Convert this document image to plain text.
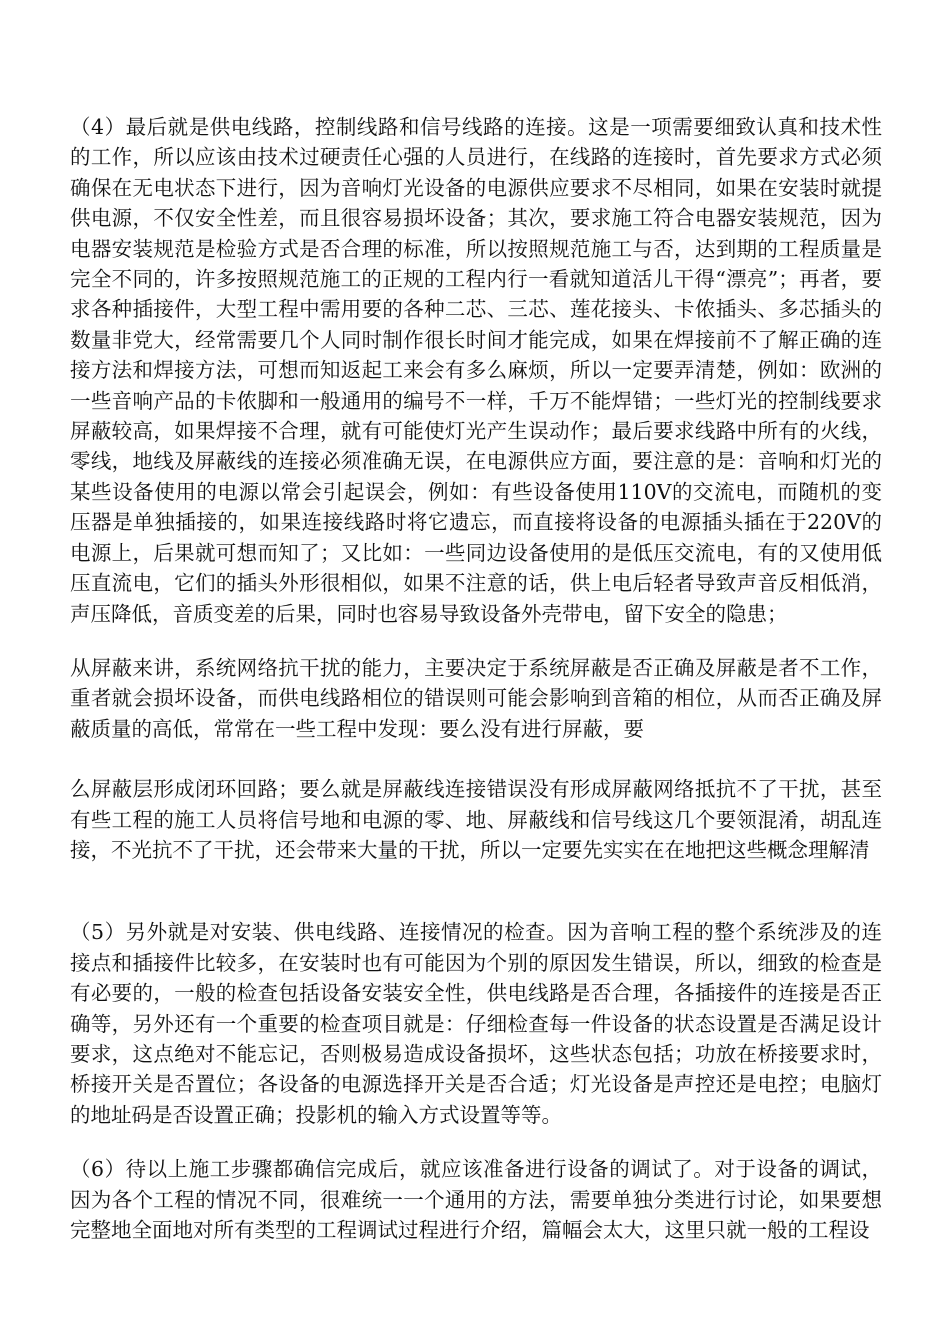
（4）最后就是供电线路，控制线路和信号线路的连接。这是一项需要细致认真和技术性的工作，所以应该由技术过硬责任心强的人员进行，在线路的连接时，首先要求方式必须确保在无电状态下进行，因为音响灯光设备的电源供应要求不尽相同，如果在安装时就提供电源，不仅安全性差，而且很容易损坏设备；其次，要求施工符合电器安装规范，因为电器安装规范是检验方式是否合理的标准，所以按照规范施工与否，达到期的工程质量是完全不同的，许多按照规范施工的正规的工程内行一看就知道活儿干得“漂亮”；再者，要求各种插接件，大型工程中需用要的各种二芯、三芯、莲花接头、卡侬插头、多芯插头的数量非党大，经常需要几个人同时制作很长时间才能完成，如果在焊接前不了解正确的连接方法和焊接方法，可想而知返起工来会有多么麻烦，所以一定要弄清楚，例如：欧洲的一些音响产品的卡侬脚和一般通用的编号不一样，千万不能焊错；一些灯光的控制线要求屏蔽较高，如果焊接不合理，就有可能使灯光产生误动作；最后要求线路中所有的火线，零线，地线及屏蔽线的连接必须准确无误，在电源供应方面，要注意的是：音响和灯光的某些设备使用的电源以常会引起误会，例如：有些设备使用110V的交流电，而随机的变压器是单独插接的，如果连接线路时将它遗忘，而直接将设备的电源插头插在于220V的电源上，后果就可想而知了；又比如：一些同边设备使用的是低压交流电，有的又使用低压直流电，它们的插头外形很相似，如果不注意的话，供上电后轻者导致声音反相低消，声压降低，音质变差的后果，同时也容易导致设备外壳带电，留下安全的隐患；

从屏蔽来讲，系统网络抗干扰的能力，主要决定于系统屏蔽是否正确及屏蔽是者不工作，重者就会损坏设备，而供电线路相位的错误则可能会影响到音箱的相位，从而否正确及屏蔽质量的高低，常常在一些工程中发现：要么没有进行屏蔽，要

么屏蔽层形成闭环回路；要么就是屏蔽线连接错误没有形成屏蔽网络抵抗不了干扰，甚至有些工程的施工人员将信号地和电源的零、地、屏蔽线和信号线这几个要领混淆，胡乱连接，不光抗不了干扰，还会带来大量的干扰，所以一定要先实实在在地把这些概念理解清

（5）另外就是对安装、供电线路、连接情况的检查。因为音响工程的整个系统涉及的连接点和插接件比较多，在安装时也有可能因为个别的原因发生错误，所以，细致的检查是有必要的，一般的检查包括设备安装安全性，供电线路是否合理，各插接件的连接是否正确等，另外还有一个重要的检查项目就是：仔细检查每一件设备的状态设置是否满足设计要求，这点绝对不能忘记，否则极易造成设备损坏，这些状态包括；功放在桥接要求时，桥接开关是否置位；各设备的电源选择开关是否合适；灯光设备是声控还是电控；电脑灯的地址码是否设置正确；投影机的输入方式设置等等。

（6）待以上施工步骤都确信完成后，就应该准备进行设备的调试了。对于设备的调试，因为各个工程的情况不同，很难统一一个通用的方法，需要单独分类进行讨论，如果要想完整地全面地对所有类型的工程调试过程进行介绍，篇幅会太大，这里只就一般的工程设
